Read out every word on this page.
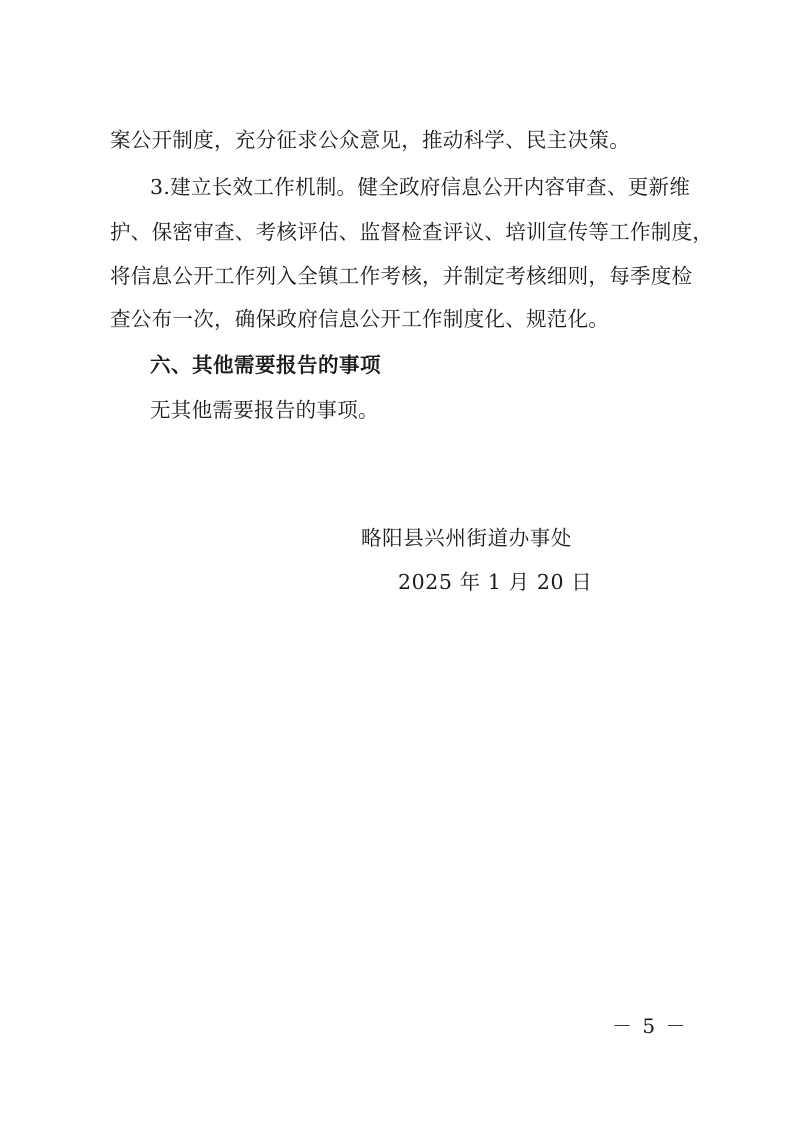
案公开制度，充分征求公众意见，推动科学、民主决策。
3.建立长效工作机制。健全政府信息公开内容审查、更新维
护、保密审查、考核评估、监督检查评议、培训宣传等工作制度，
将信息公开工作列入全镇工作考核，并制定考核细则，每季度检
查公布一次，确保政府信息公开工作制度化、规范化。
六、其他需要报告的事项
无其他需要报告的事项。
略阳县兴州街道办事处
2025 年 1 月 20 日
－ 5 －
